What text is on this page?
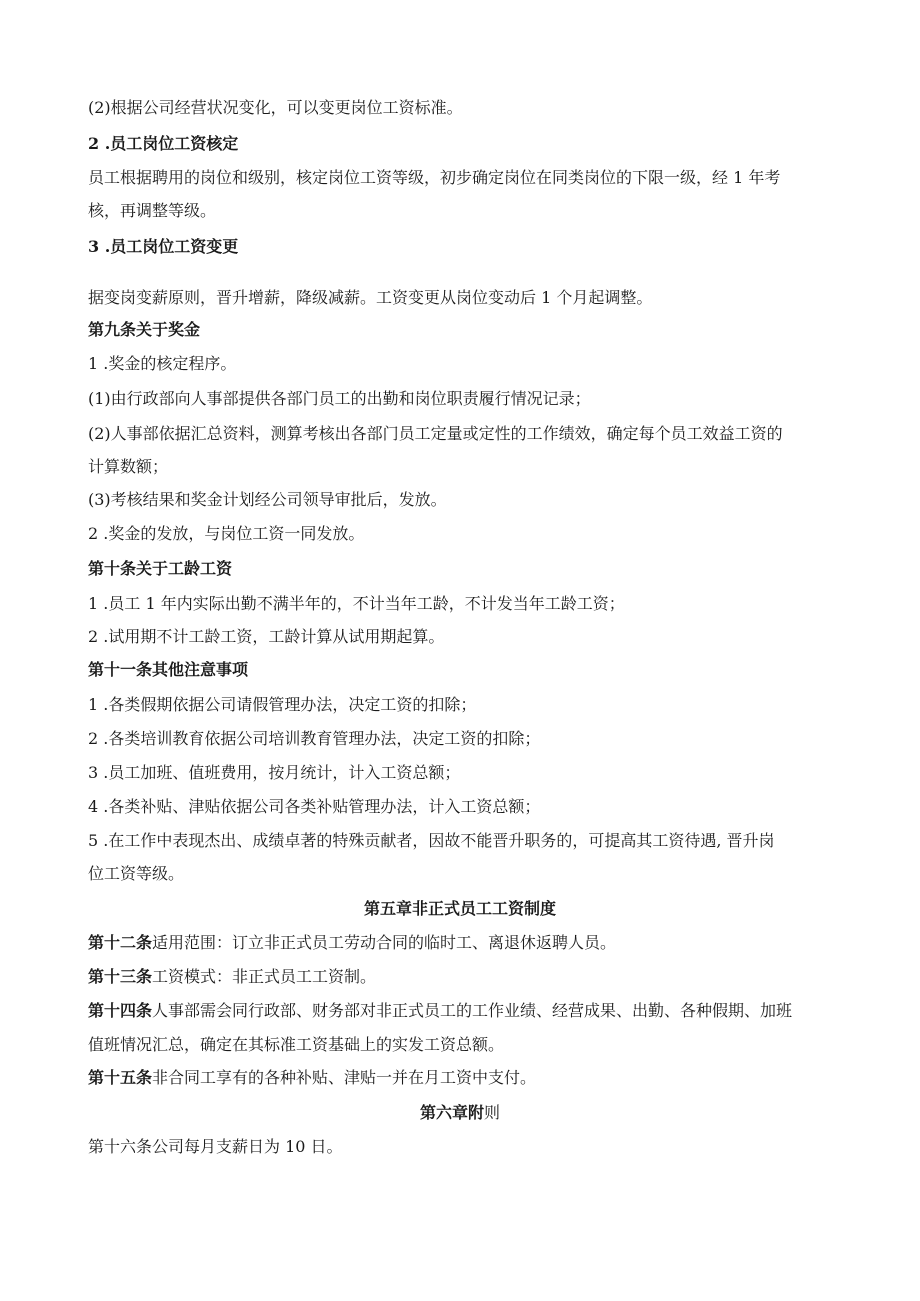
(2)根据公司经营状况变化，可以变更岗位工资标准。
2 .员工岗位工资核定
员工根据聘用的岗位和级别，核定岗位工资等级，初步确定岗位在同类岗位的下限一级，经 1 年考
核，再调整等级。
3 .员工岗位工资变更
据变岗变薪原则，晋升增薪，降级减薪。工资变更从岗位变动后 1 个月起调整。
第九条关于奖金
1 .奖金的核定程序。
(1)由行政部向人事部提供各部门员工的出勤和岗位职责履行情况记录；
(2)人事部依据汇总资料，测算考核出各部门员工定量或定性的工作绩效，确定每个员工效益工资的
计算数额；
(3)考核结果和奖金计划经公司领导审批后，发放。
2 .奖金的发放，与岗位工资一同发放。
第十条关于工龄工资
1 .员工 1 年内实际出勤不满半年的，不计当年工龄，不计发当年工龄工资；
2 .试用期不计工龄工资，工龄计算从试用期起算。
第十一条其他注意事项
1 .各类假期依据公司请假管理办法，决定工资的扣除；
2 .各类培训教育依据公司培训教育管理办法，决定工资的扣除；
3 .员工加班、值班费用，按月统计，计入工资总额；
4 .各类补贴、津贴依据公司各类补贴管理办法，计入工资总额；
5 .在工作中表现杰出、成绩卓著的特殊贡献者，因故不能晋升职务的，可提高其工资待遇, 晋升岗
位工资等级。
第五章非正式员工工资制度
第十二条适用范围：订立非正式员工劳动合同的临时工、离退休返聘人员。
第十三条工资模式：非正式员工工资制。
第十四条人事部需会同行政部、财务部对非正式员工的工作业绩、经营成果、出勤、各种假期、加班
值班情况汇总，确定在其标准工资基础上的实发工资总额。
第十五条非合同工享有的各种补贴、津贴一并在月工资中支付。
第六章附则
第十六条公司每月支薪日为 10 日。
